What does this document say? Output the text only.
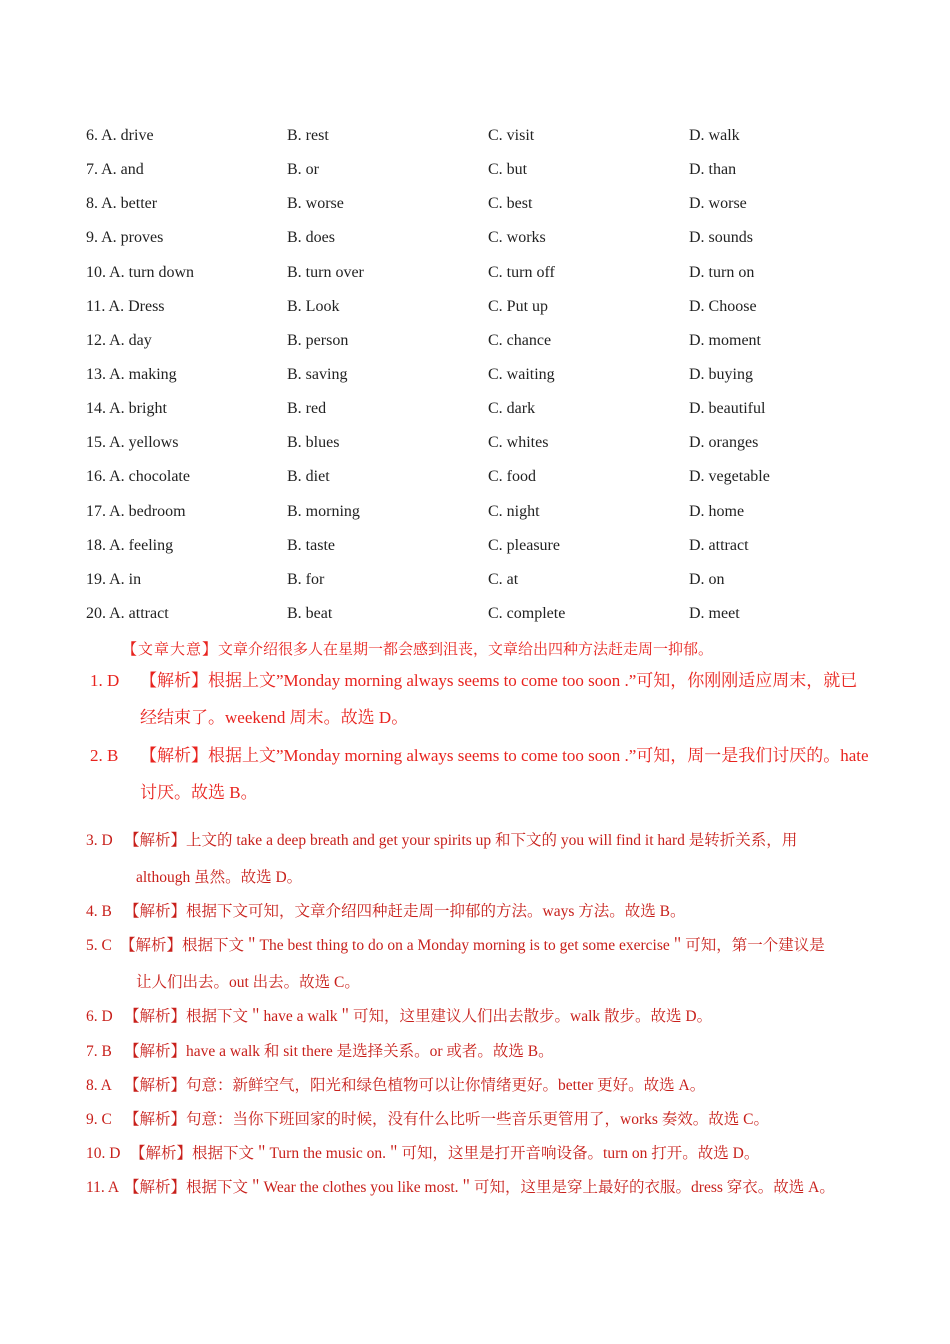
6. A. drive	B. rest	C. visit	D. walk
7. A. and	B. or	C. but	D. than
8. A. better	B. worse	C. best	D. worse
9. A. proves	B. does	C. works	D. sounds
10. A. turn down	B. turn over	C. turn off	D. turn on
11. A. Dress	B. Look	C. Put up	D. Choose
12. A. day	B. person	C. chance	D. moment
13. A. making	B. saving	C. waiting	D. buying
14. A. bright	B. red	C. dark	D. beautiful
15. A. yellows	B. blues	C. whites	D. oranges
16. A. chocolate	B. diet	C. food	D. vegetable
17. A. bedroom	B. morning	C. night	D. home
18. A. feeling	B. taste	C. pleasure	D. attract
19. A. in	B. for	C. at	D. on
20. A. attract	B. beat	C. complete	D. meet
【文章大意】文章介绍很多人在星期一都会感到沮丧，文章给出四种方法赶走周一抑郁。
1. D 【解析】根据上文”Monday morning always seems to come too soon .”可知，你刚刚适应周末，就已
经结束了。weekend 周末。故选 D。
2. B 【解析】根据上文”Monday morning always seems to come too soon .”可知，周一是我们讨厌的。hate
讨厌。故选 B。
3. D 【解析】上文的 take a deep breath and get your spirits up 和下文的 you will find it hard 是转折关系，用
although 虽然。故选 D。
4. B 【解析】根据下文可知，文章介绍四种赶走周一抑郁的方法。ways 方法。故选 B。
5. C 【解析】根据下文＂The best thing to do on a Monday morning is to get some exercise＂可知，第一个建议是
让人们出去。out 出去。故选 C。
6. D 【解析】根据下文＂have a walk＂可知，这里建议人们出去散步。walk 散步。故选 D。
7. B 【解析】have a walk 和 sit there 是选择关系。or 或者。故选 B。
8. A 【解析】句意：新鲜空气，阳光和绿色植物可以让你情绪更好。better 更好。故选 A。
9. C 【解析】句意：当你下班回家的时候，没有什么比听一些音乐更管用了，works 奏效。故选 C。
10. D 【解析】根据下文＂Turn the music on.＂可知，这里是打开音响设备。turn on 打开。故选 D。
11. A 【解析】根据下文＂Wear the clothes you like most.＂可知，这里是穿上最好的衣服。dress 穿衣。故选 A。
